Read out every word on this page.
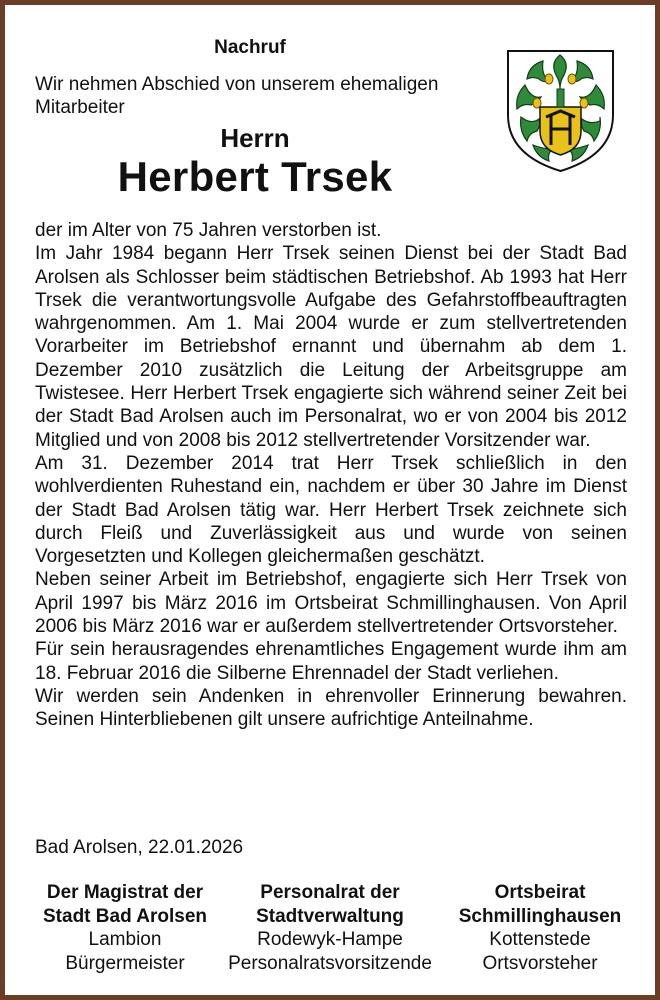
Nachruf
Wir nehmen Abschied von unserem ehemaligen Mitarbeiter
Herrn
Herbert Trsek

der im Alter von 75 Jahren verstorben ist.

Im Jahr 1984 begann Herr Trsek seinen Dienst bei der Stadt Bad Arolsen als Schlosser beim städtischen Betriebshof. Ab 1993 hat Herr Trsek die verantwortungsvolle Aufgabe des Gefahrstoffbeauftragten wahrgenommen. Am 1. Mai 2004 wurde er zum stellvertretenden Vorarbeiter im Betriebshof ernannt und übernahm ab dem 1. Dezember 2010 zusätzlich die Leitung der Arbeitsgruppe am Twistesee. Herr Herbert Trsek engagierte sich während seiner Zeit bei der Stadt Bad Arolsen auch im Personalrat, wo er von 2004 bis 2012 Mitglied und von 2008 bis 2012 stellvertretender Vorsitzender war.

Am 31. Dezember 2014 trat Herr Trsek schließlich in den wohlverdienten Ruhestand ein, nachdem er über 30 Jahre im Dienst der Stadt Bad Arolsen tätig war. Herr Herbert Trsek zeichnete sich durch Fleiß und Zuverlässigkeit aus und wurde von seinen Vorgesetzten und Kollegen gleichermaßen geschätzt.

Neben seiner Arbeit im Betriebshof, engagierte sich Herr Trsek von April 1997 bis März 2016 im Ortsbeirat Schmillinghausen. Von April 2006 bis März 2016 war er außerdem stellvertretender Ortsvorsteher.

Für sein herausragendes ehrenamtliches Engagement wurde ihm am 18. Februar 2016 die Silberne Ehrennadel der Stadt verliehen.

Wir werden sein Andenken in ehrenvoller Erinnerung bewahren. Seinen Hinterbliebenen gilt unsere aufrichtige Anteilnahme.

Bad Arolsen, 22.01.2026
Der Magistrat der
Stadt Bad Arolsen
Lambion
Bürgermeister
Personalrat der
Stadtverwaltung
Rodewyk-Hampe
Personalratsvorsitzende
Ortsbeirat
Schmillinghausen
Kottenstede
Ortsvorsteher
